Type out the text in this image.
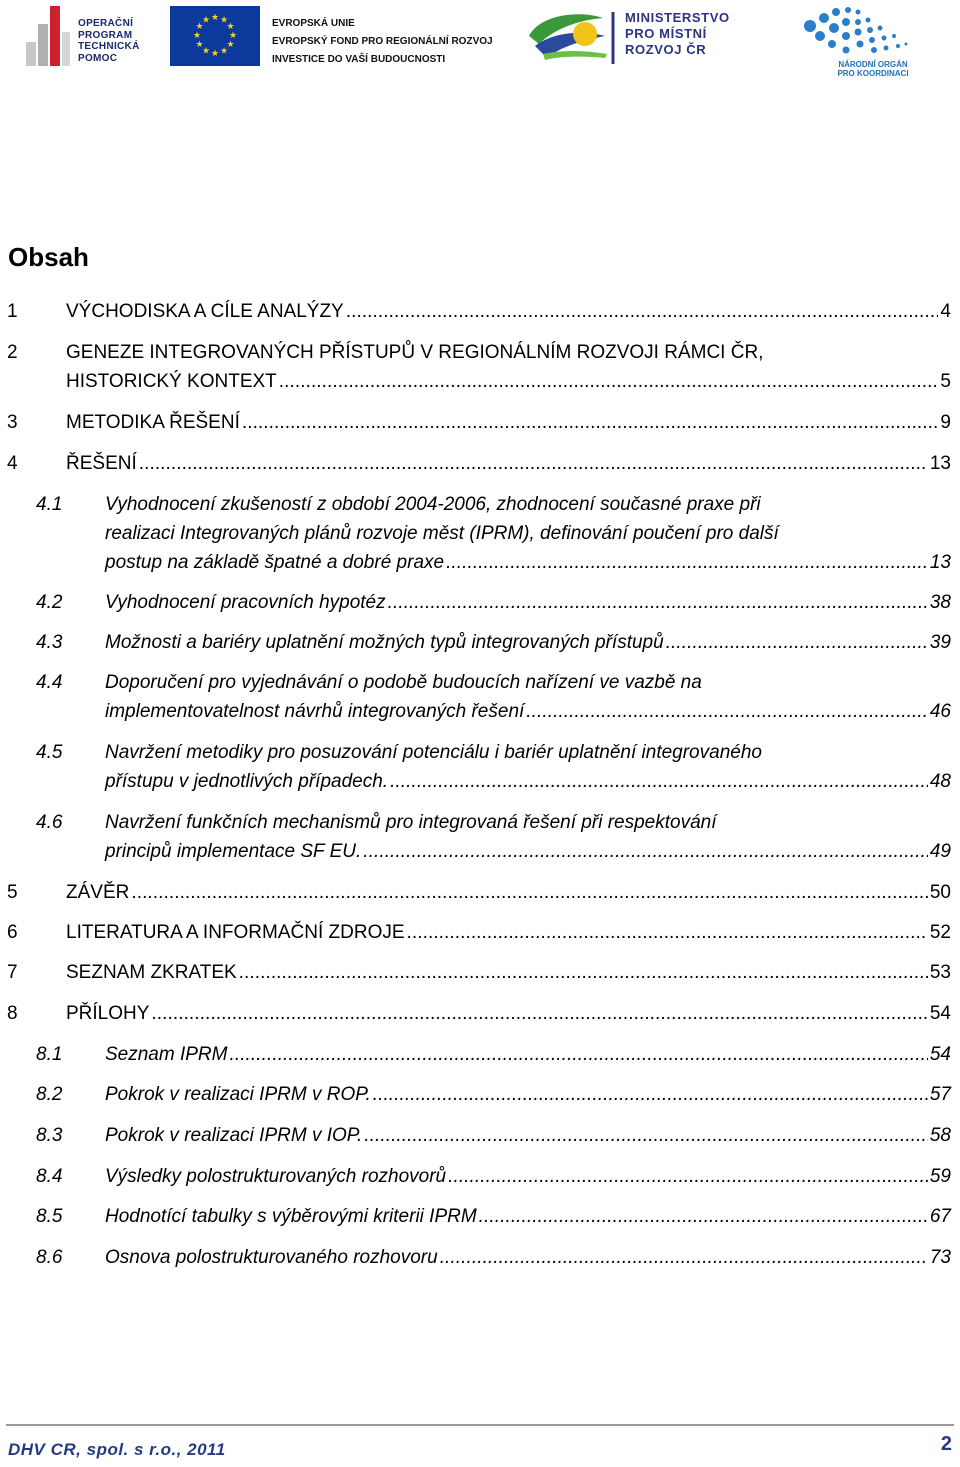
OPERAČNÍ
PROGRAM
TECHNICKÁ
POMOC
★ ★
★
★
★
★
★
★
★
★
★
★	EVROPSKÁ UNIE
EVROPSKÝ FOND PRO REGIONÁLNÍ ROZVOJ
INVESTICE DO VAŠÍ BUDOUCNOSTI
MINISTERSTVO
PRO MÍSTNÍ
ROZVOJ ČR
NÁRODNÍ ORGÁN
PRO KOORDINACI
Obsah
1	VÝCHODISKA A CÍLE ANALÝZY . . .	4
2	GENEZE INTEGROVANÝCH PŘÍSTUPŮ V REGIONÁLNÍM ROZVOJI RÁMCI ČR,
HISTORICKÝ KONTEXT . . .	5
3	METODIKA ŘEŠENÍ . . .	9
4	ŘEŠENÍ . . .	13
4.1 Vyhodnocení zkušeností z období 2004-2006, zhodnocení současné praxe při
realizaci Integrovaných plánů rozvoje měst (IPRM), definování poučení pro další
postup na základě špatné a dobré praxe . . .	13
4.2 Vyhodnocení pracovních hypotéz . . .	38
4.3 Možnosti a bariéry uplatnění možných typů integrovaných přístupů . . .	39
4.4 Doporučení pro vyjednávání o podobě budoucích nařízení ve vazbě na
implementovatelnost návrhů integrovaných řešení . . .	46
4.5 Navržení metodiky pro posuzování potenciálu i bariér uplatnění integrovaného
přístupu v jednotlivých případech. . . .	48
4.6 Navržení funkčních mechanismů pro integrovaná řešení při respektování
principů implementace SF EU. . . .	49
5	ZÁVĚR . . .	50
6	LITERATURA A INFORMAČNÍ ZDROJE . . .	52
7	SEZNAM ZKRATEK . . .	53
8	PŘÍLOHY . . .	54
8.1 Seznam IPRM . . .	54
8.2 Pokrok v realizaci IPRM v ROP. . . .	57
8.3 Pokrok v realizaci IPRM v IOP. . . .	58
8.4 Výsledky polostrukturovaných rozhovorů . . .	59
8.5 Hodnotící tabulky s výběrovými kriterii IPRM . . .	67
8.6 Osnova polostrukturovaného rozhovoru . . .	73
DHV CR, spol. s r.o., 2011	2
